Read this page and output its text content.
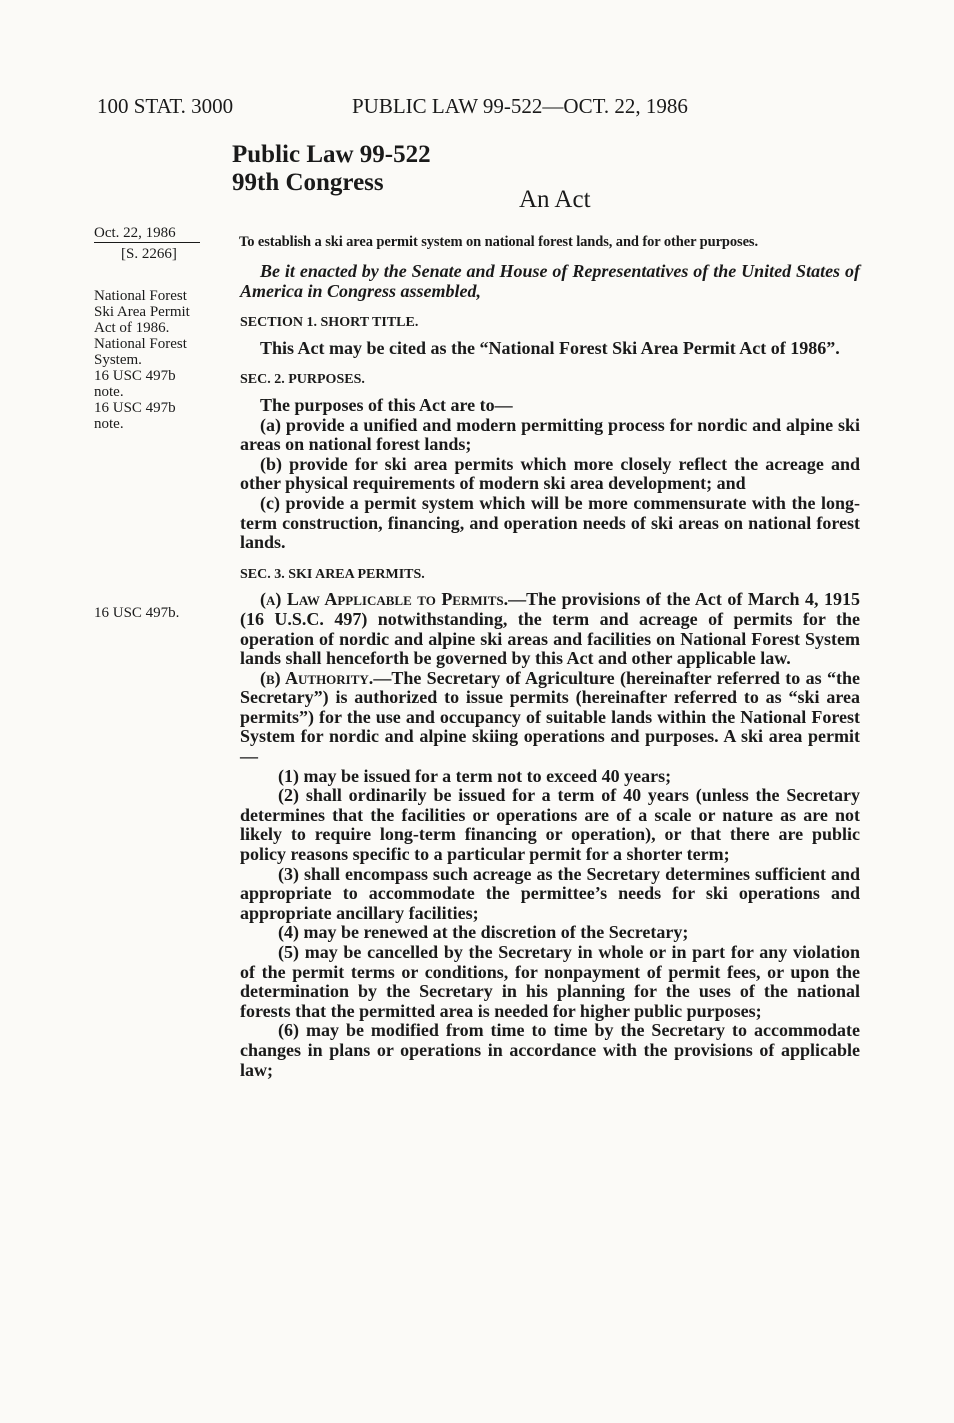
100 STAT. 3000	PUBLIC LAW 99-522—OCT. 22, 1986
Public Law 99-522
99th Congress
An Act
Oct. 22, 1986
[S. 2266]
National Forest
Ski Area Permit
Act of 1986.
National Forest
System.
16 USC 497b
note.
16 USC 497b
note.
16 USC 497b.
To establish a ski area permit system on national forest lands, and for other purposes.

Be it enacted by the Senate and House of Representatives of the United States of America in Congress assembled,

SECTION 1. SHORT TITLE.

This Act may be cited as the “National Forest Ski Area Permit Act of 1986”.

SEC. 2. PURPOSES.

The purposes of this Act are to—

(a) provide a unified and modern permitting process for nordic and alpine ski areas on national forest lands;

(b) provide for ski area permits which more closely reflect the acreage and other physical requirements of modern ski area development; and

(c) provide a permit system which will be more commensurate with the long-term construction, financing, and operation needs of ski areas on national forest lands.

SEC. 3. SKI AREA PERMITS.

(a) Law Applicable to Permits.—The provisions of the Act of March 4, 1915 (16 U.S.C. 497) notwithstanding, the term and acreage of permits for the operation of nordic and alpine ski areas and facilities on National Forest System lands shall henceforth be governed by this Act and other applicable law.

(b) Authority.—The Secretary of Agriculture (hereinafter referred to as “the Secretary”) is authorized to issue permits (hereinafter referred to as “ski area permits”) for the use and occupancy of suitable lands within the National Forest System for nordic and alpine skiing operations and purposes. A ski area permit—

(1) may be issued for a term not to exceed 40 years;

(2) shall ordinarily be issued for a term of 40 years (unless the Secretary determines that the facilities or operations are of a scale or nature as are not likely to require long-term financing or operation), or that there are public policy reasons specific to a particular permit for a shorter term;

(3) shall encompass such acreage as the Secretary determines sufficient and appropriate to accommodate the permittee’s needs for ski operations and appropriate ancillary facilities;

(4) may be renewed at the discretion of the Secretary;

(5) may be cancelled by the Secretary in whole or in part for any violation of the permit terms or conditions, for nonpayment of permit fees, or upon the determination by the Secretary in his planning for the uses of the national forests that the permitted area is needed for higher public purposes;

(6) may be modified from time to time by the Secretary to accommodate changes in plans or operations in accordance with the provisions of applicable law;
